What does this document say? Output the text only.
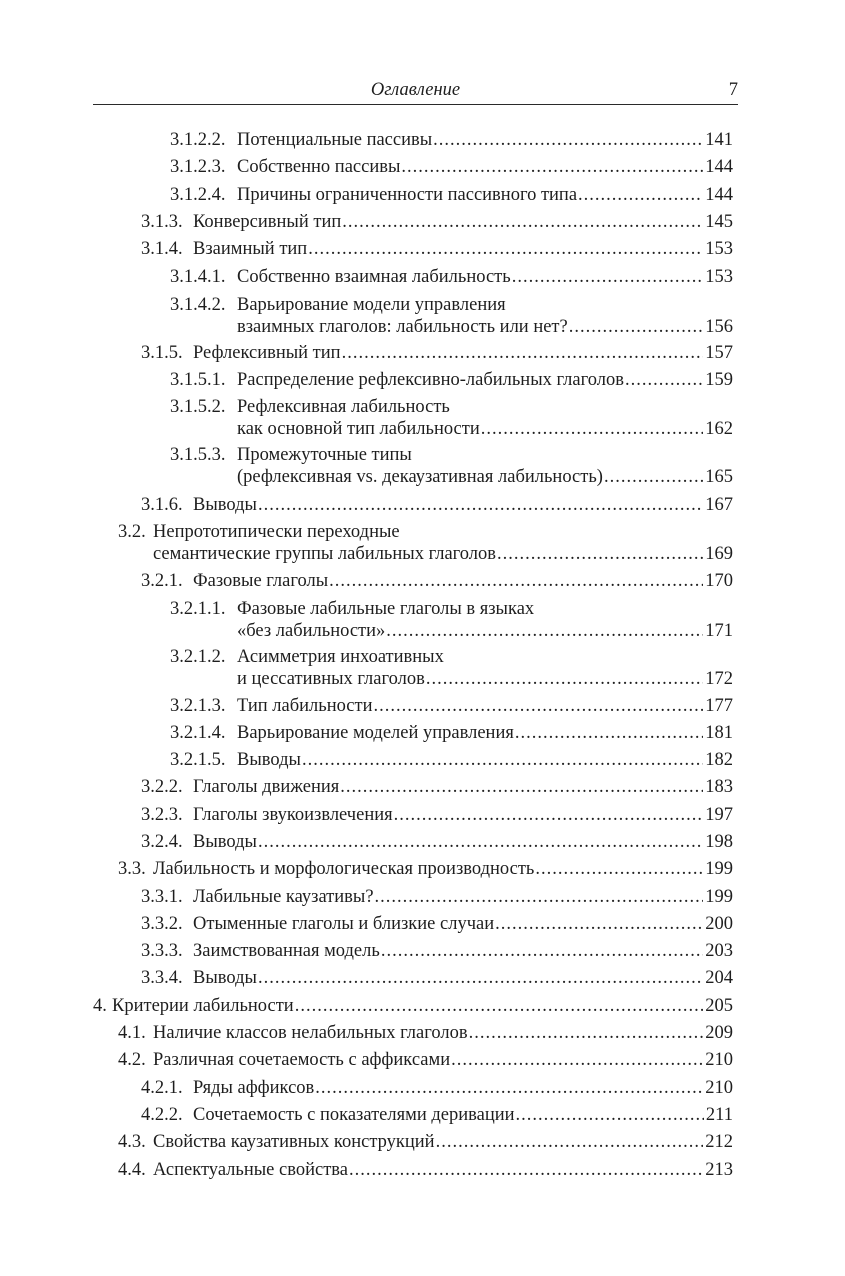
Оглавление	7
3.1.2.2. Потенциальные пассивы .....	141
3.1.2.3. Собственно пассивы .....	144
3.1.2.4. Причины ограниченности пассивного типа .....	144
3.1.3. Конверсивный тип .....	145
3.1.4. Взаимный тип .....	153
3.1.4.1. Собственно взаимная лабильность .....	153
3.1.4.2. Варьирование модели управления
взаимных глаголов: лабильность или нет? .....	156
3.1.5. Рефлексивный тип .....	157
3.1.5.1. Распределение рефлексивно-лабильных глаголов .....	159
3.1.5.2. Рефлексивная лабильность
как основной тип лабильности .....	162
3.1.5.3. Промежуточные типы
(рефлексивная vs. декаузативная лабильность) .....	165
3.1.6. Выводы .....	167
3.2. Непрототипически переходные
семантические группы лабильных глаголов .....	169
3.2.1. Фазовые глаголы .....	170
3.2.1.1. Фазовые лабильные глаголы в языках
«без лабильности» .....	171
3.2.1.2. Асимметрия инхоативных
и цессативных глаголов .....	172
3.2.1.3. Тип лабильности .....	177
3.2.1.4. Варьирование моделей управления .....	181
3.2.1.5. Выводы .....	182
3.2.2. Глаголы движения .....	183
3.2.3. Глаголы звукоизвлечения .....	197
3.2.4. Выводы .....	198
3.3. Лабильность и морфологическая производность .....	199
3.3.1. Лабильные каузативы? .....	199
3.3.2. Отыменные глаголы и близкие случаи .....	200
3.3.3. Заимствованная модель .....	203
3.3.4. Выводы .....	204
4. Критерии лабильности .....	205
4.1. Наличие классов нелабильных глаголов .....	209
4.2. Различная сочетаемость с аффиксами .....	210
4.2.1. Ряды аффиксов .....	210
4.2.2. Сочетаемость с показателями деривации .....	211
4.3. Свойства каузативных конструкций .....	212
4.4. Аспектуальные свойства .....	213
